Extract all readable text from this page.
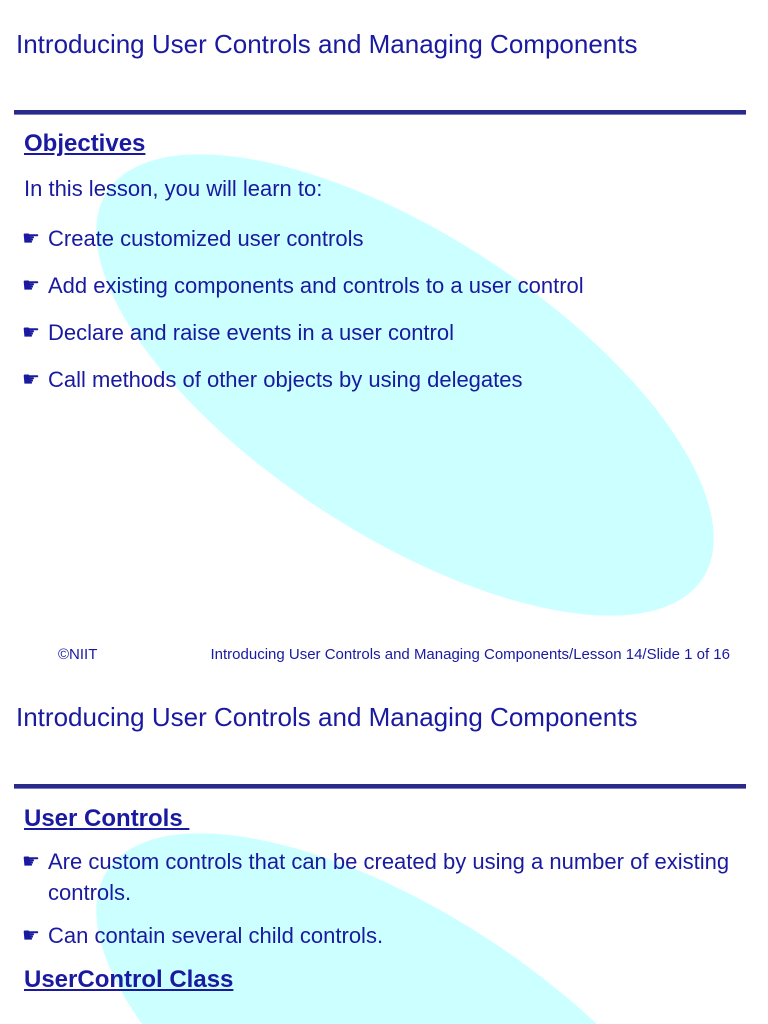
Introducing User Controls and Managing Components
Objectives
In this lesson, you will learn to:
☛ Create customized user controls
☛ Add existing components and controls to a user control
☛ Declare and raise events in a user control
☛ Call methods of other objects by using delegates
©NIIT	Introducing User Controls and Managing Components/Lesson 14/Slide 1 of 16
Introducing User Controls and Managing Components
User Controls
☛ Are custom controls that can be created by using a number of existing controls.
☛ Can contain several child controls.
UserControl Class
